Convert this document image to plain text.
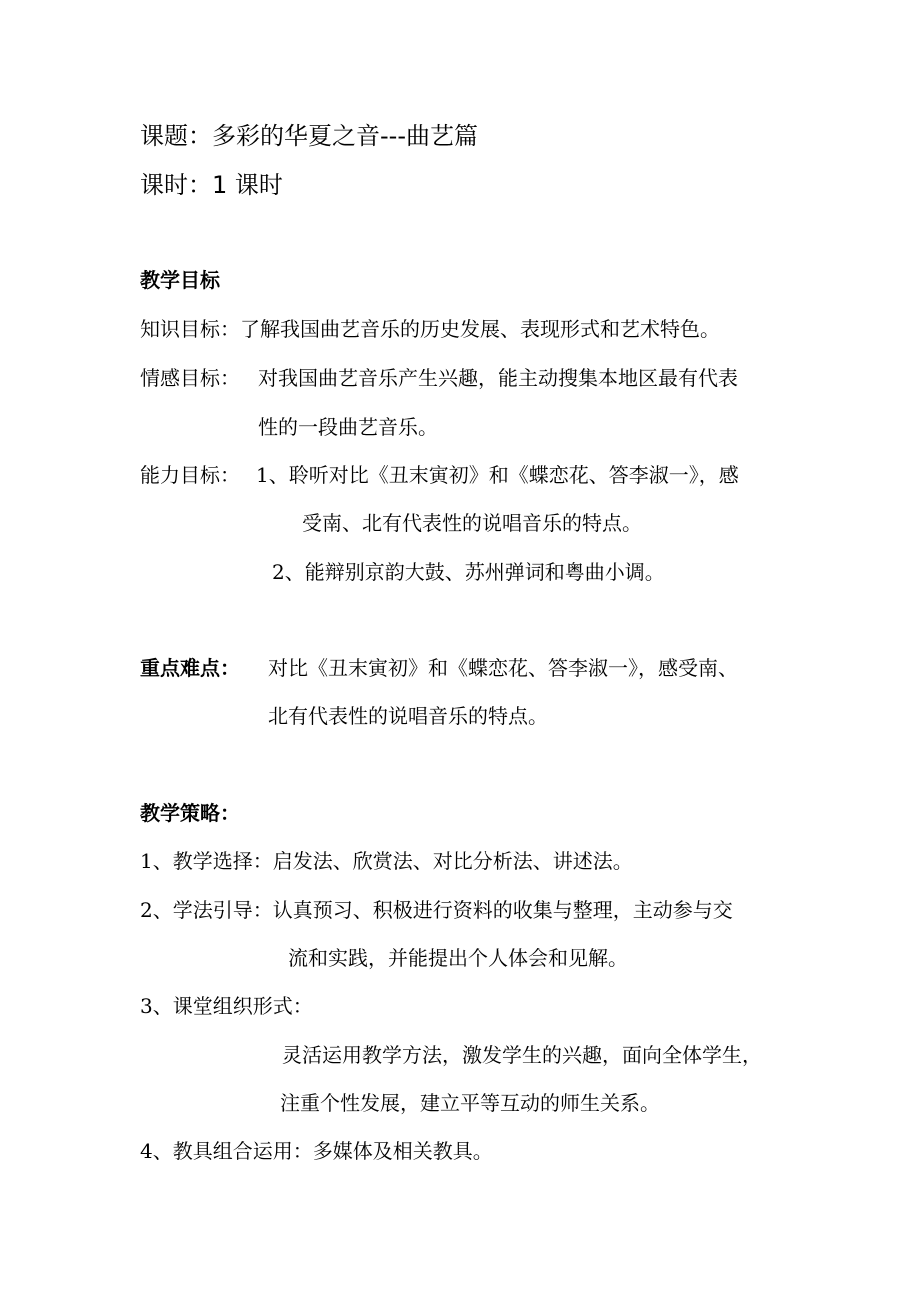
课题：多彩的华夏之音---曲艺篇
课时：1 课时
教学目标
知识目标：了解我国曲艺音乐的历史发展、表现形式和艺术特色。
情感目标： 对我国曲艺音乐产生兴趣，能主动搜集本地区最有代表
性的一段曲艺音乐。
能力目标： 1、聆听对比《丑末寅初》和《蝶恋花、答李淑一》，感
受南、北有代表性的说唱音乐的特点。
2、能辩别京韵大鼓、苏州弹词和粤曲小调。
重点难点： 对比《丑末寅初》和《蝶恋花、答李淑一》，感受南、
北有代表性的说唱音乐的特点。
教学策略：
1、教学选择：启发法、欣赏法、对比分析法、讲述法。
2、学法引导：认真预习、积极进行资料的收集与整理，主动参与交
流和实践，并能提出个人体会和见解。
3、课堂组织形式：
灵活运用教学方法，激发学生的兴趣，面向全体学生，
注重个性发展，建立平等互动的师生关系。
4、教具组合运用：多媒体及相关教具。
